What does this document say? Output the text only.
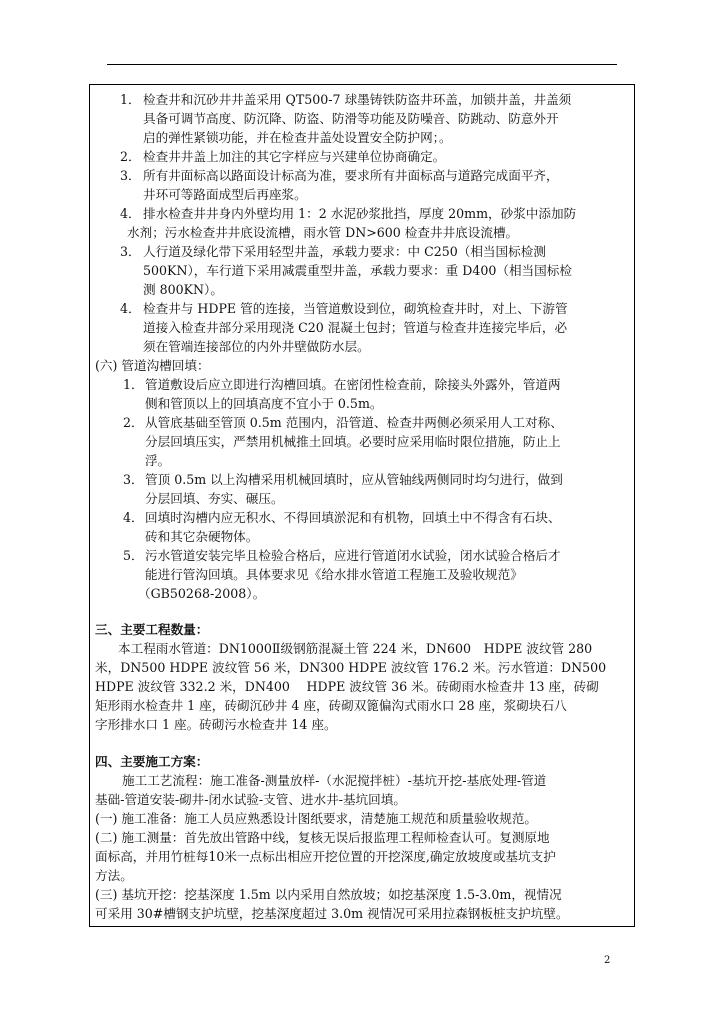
1． 检查井和沉砂井井盖采用 QT500-7 球墨铸铁防盗井环盖，加锁井盖，井盖须
具备可调节高度、防沉降、防盗、防滑等功能及防噪音、防跳动、防意外开
启的弹性紧锁功能，并在检查井盖处设置安全防护网；。
2． 检查井井盖上加注的其它字样应与兴建单位协商确定。
3． 所有井面标高以路面设计标高为准，要求所有井面标高与道路完成面平齐，
井环可等路面成型后再座浆。
4． 排水检查井井身内外壁均用 1：2 水泥砂浆批挡，厚度 20mm，砂浆中添加防
水剂；污水检查井井底设流槽，雨水管 DN>600 检查井井底设流槽。
3． 人行道及绿化带下采用轻型井盖，承载力要求：中 C250（相当国标检测
500KN），车行道下采用减震重型井盖，承载力要求：重 D400（相当国标检
测 800KN）。
4． 检查井与 HDPE 管的连接，当管道敷设到位，砌筑检查井时，对上、下游管
道接入检查井部分采用现浇 C20 混凝土包封；管道与检查井连接完毕后，必
须在管端连接部位的内外井壁做防水层。
(六) 管道沟槽回填：
1． 管道敷设后应立即进行沟槽回填。在密闭性检查前，除接头外露外，管道两
侧和管顶以上的回填高度不宜小于 0.5m。
2． 从管底基础至管顶 0.5m 范围内，沿管道、检查井两侧必须采用人工对称、
分层回填压实，严禁用机械推土回填。必要时应采用临时限位措施，防止上
浮。
3． 管顶 0.5m 以上沟槽采用机械回填时，应从管轴线两侧同时均匀进行，做到
分层回填、夯实、碾压。
4． 回填时沟槽内应无积水、不得回填淤泥和有机物，回填土中不得含有石块、
砖和其它杂硬物体。
5． 污水管道安装完毕且检验合格后，应进行管道闭水试验，闭水试验合格后才
能进行管沟回填。具体要求见《给水排水管道工程施工及验收规范》
（GB50268-2008）。
三、主要工程数量：
本工程雨水管道：DN1000Ⅱ级钢筋混凝土管 224 米，DN600　HDPE 波纹管 280
米，DN500 HDPE 波纹管 56 米，DN300 HDPE 波纹管 176.2 米。污水管道：DN500
HDPE 波纹管 332.2 米，DN400　 HDPE 波纹管 36 米。砖砌雨水检查井 13 座，砖砌
矩形雨水检查井 1 座，砖砌沉砂井 4 座，砖砌双篦偏沟式雨水口 28 座，浆砌块石八
字形排水口 1 座。砖砌污水检查井 14 座。
四、主要施工方案：
施工工艺流程：施工准备-测量放样-（水泥搅拌桩）-基坑开挖-基底处理-管道
基础-管道安装-砌井-闭水试验-支管、进水井-基坑回填。
(一) 施工准备：施工人员应熟悉设计图纸要求，清楚施工规范和质量验收规范。
(二) 施工测量：首先放出管路中线，复核无误后报监理工程师检查认可。复测原地
面标高，并用竹桩每10米一点标出相应开挖位置的开挖深度,确定放坡度或基坑支护
方法。
(三) 基坑开挖：挖基深度 1.5m 以内采用自然放坡；如挖基深度 1.5-3.0m，视情况
可采用 30#槽钢支护坑壁，挖基深度超过 3.0m 视情况可采用拉森钢板桩支护坑壁。
2
